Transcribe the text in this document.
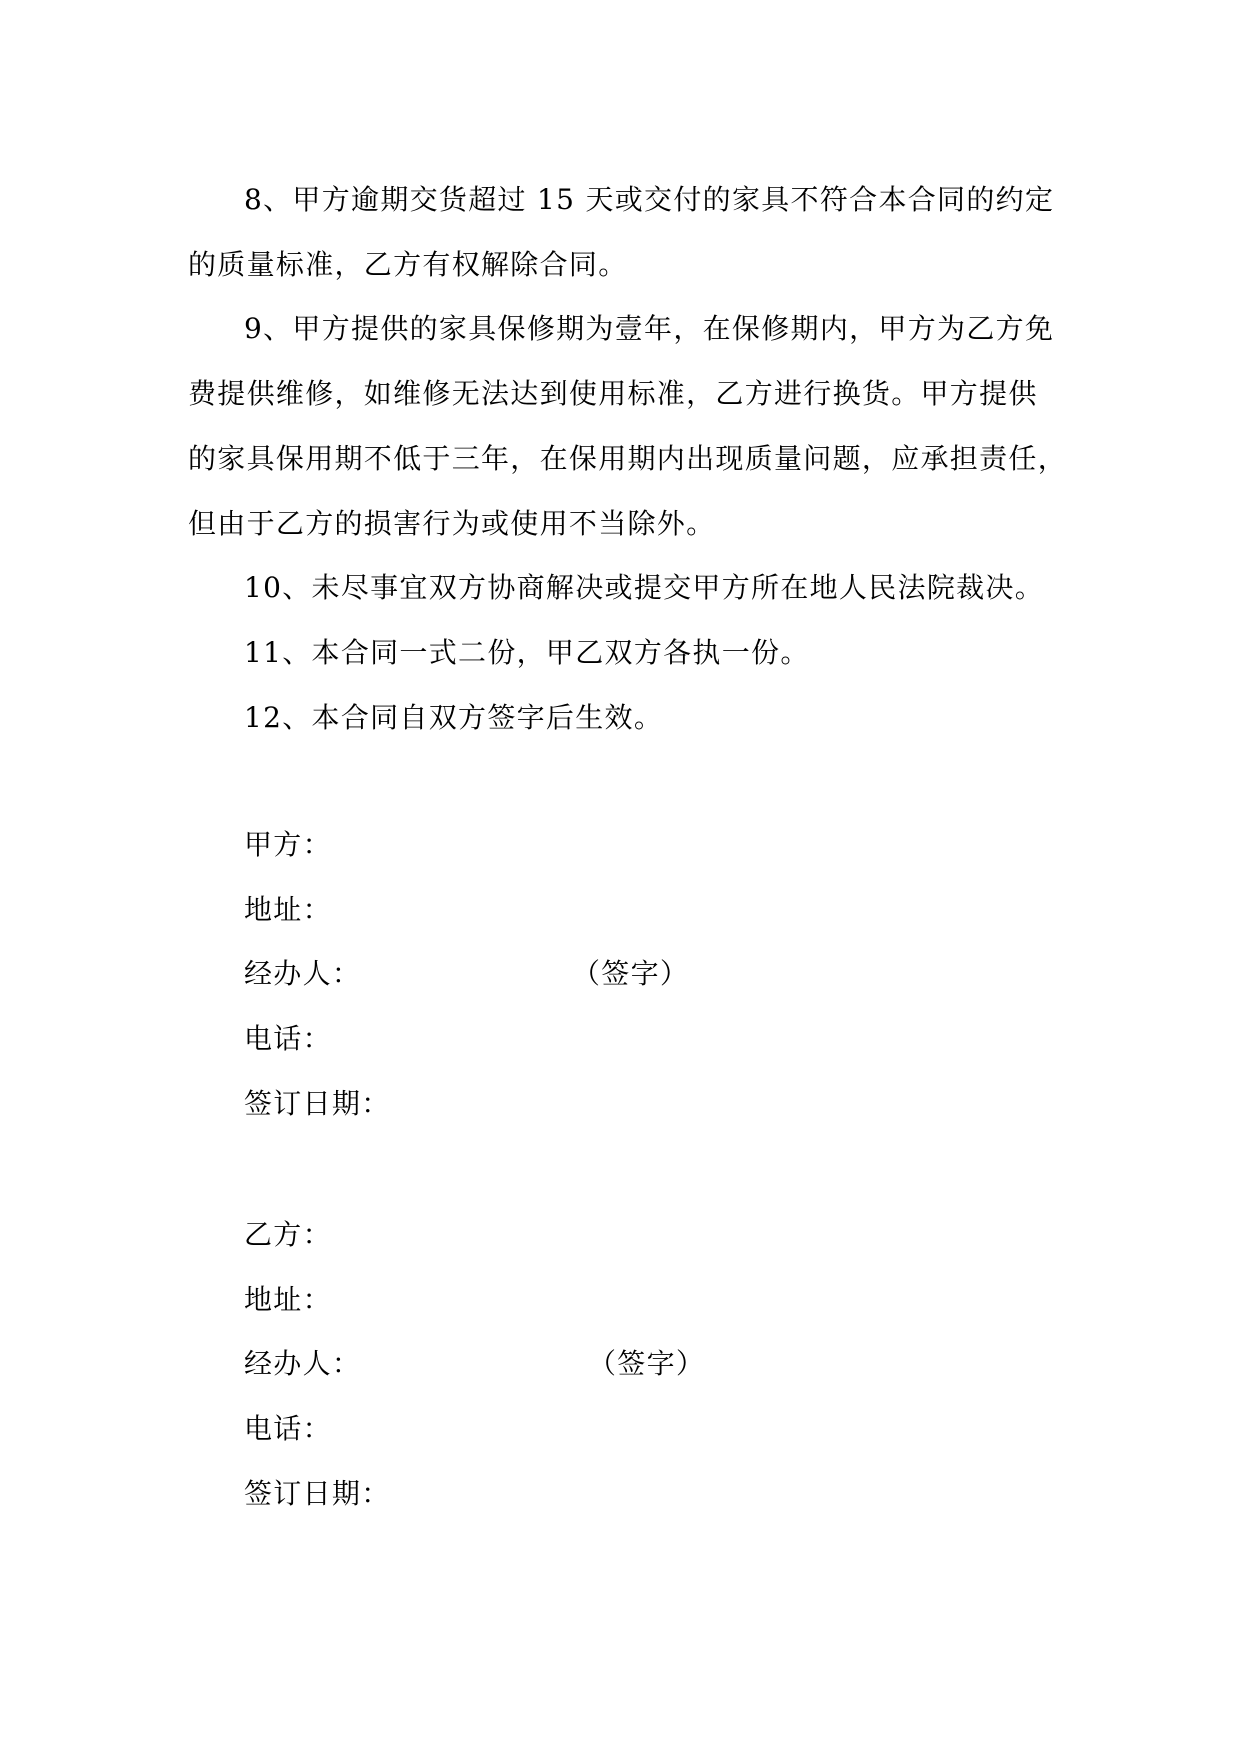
8、甲方逾期交货超过 15 天或交付的家具不符合本合同的约定
的质量标准，乙方有权解除合同。

9、甲方提供的家具保修期为壹年，在保修期内，甲方为乙方免
费提供维修，如维修无法达到使用标准，乙方进行换货。甲方提供
的家具保用期不低于三年，在保用期内出现质量问题，应承担责任，
但由于乙方的损害行为或使用不当除外。

10、未尽事宜双方协商解决或提交甲方所在地人民法院裁决。

11、本合同一式二份，甲乙双方各执一份。

12、本合同自双方签字后生效。

甲方：
地址：
经办人：	（签字）
电话：
签订日期：
乙方：
地址：
经办人：	（签字）
电话：
签订日期：
